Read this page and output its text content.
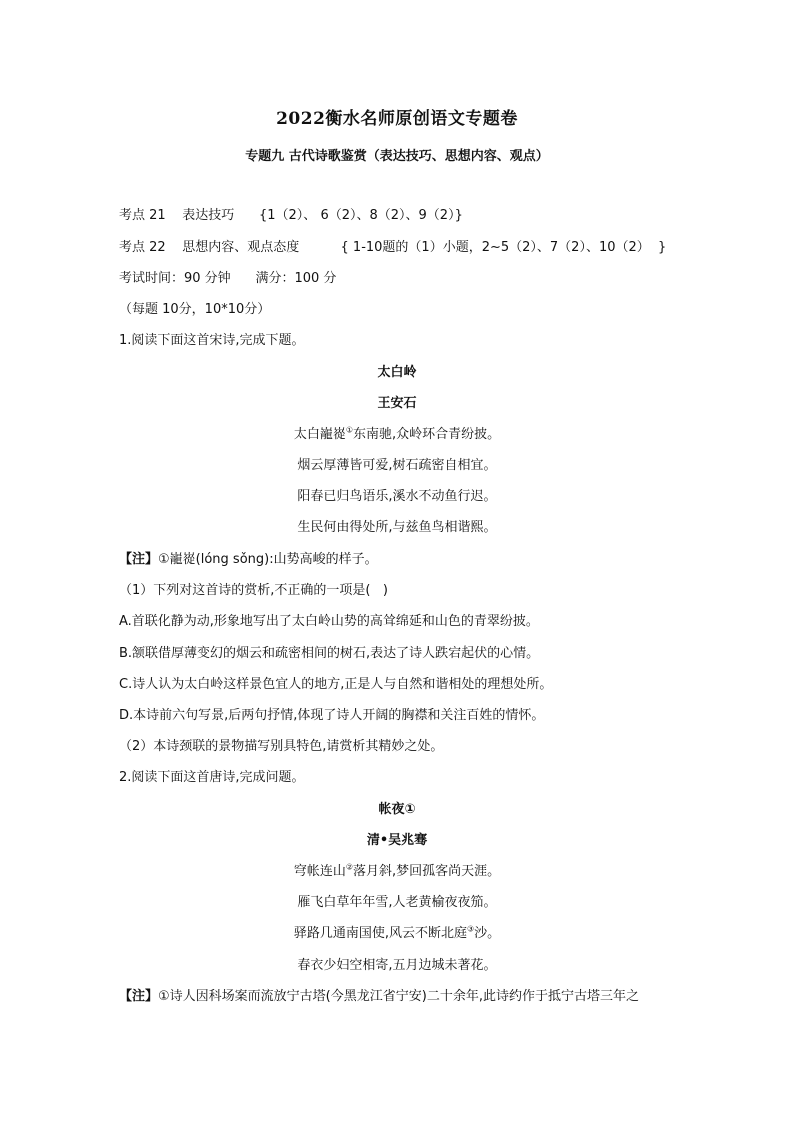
2022衡水名师原创语文专题卷
专题九 古代诗歌鉴赏（表达技巧、思想内容、观点）
考点 21    表达技巧      {1（2）、 6（2）、8（2）、9（2）}
考点 22    思想内容、观点态度          { 1-10题的（1）小题，2~5（2）、7（2）、10（2）  }
考试时间：90 分钟      满分：100 分
（每题 10分，10*10分）
1.阅读下面这首宋诗,完成下题。
太白岭
王安石
太白巃嵸①东南驰,众岭环合青纷披。
烟云厚薄皆可爱,树石疏密自相宜。
阳春已归鸟语乐,溪水不动鱼行迟。
生民何由得处所,与兹鱼鸟相谐熙。
【注】①巃嵸(lóng sǒng):山势高峻的样子。
（1）下列对这首诗的赏析,不正确的一项是(   )
A.首联化静为动,形象地写出了太白岭山势的高耸绵延和山色的青翠纷披。
B.颔联借厚薄变幻的烟云和疏密相间的树石,表达了诗人跌宕起伏的心情。
C.诗人认为太白岭这样景色宜人的地方,正是人与自然和谐相处的理想处所。
D.本诗前六句写景,后两句抒情,体现了诗人开阔的胸襟和关注百姓的情怀。
（2）本诗颈联的景物描写别具特色,请赏析其精妙之处。
2.阅读下面这首唐诗,完成问题。
帐夜①
清•吴兆骞
穹帐连山②落月斜,梦回孤客尚天涯。
雁飞白草年年雪,人老黄榆夜夜笳。
驿路几通南国使,风云不断北庭③沙。
春衣少妇空相寄,五月边城未著花。
【注】①诗人因科场案而流放宁古塔(今黑龙江省宁安)二十余年,此诗约作于抵宁古塔三年之
